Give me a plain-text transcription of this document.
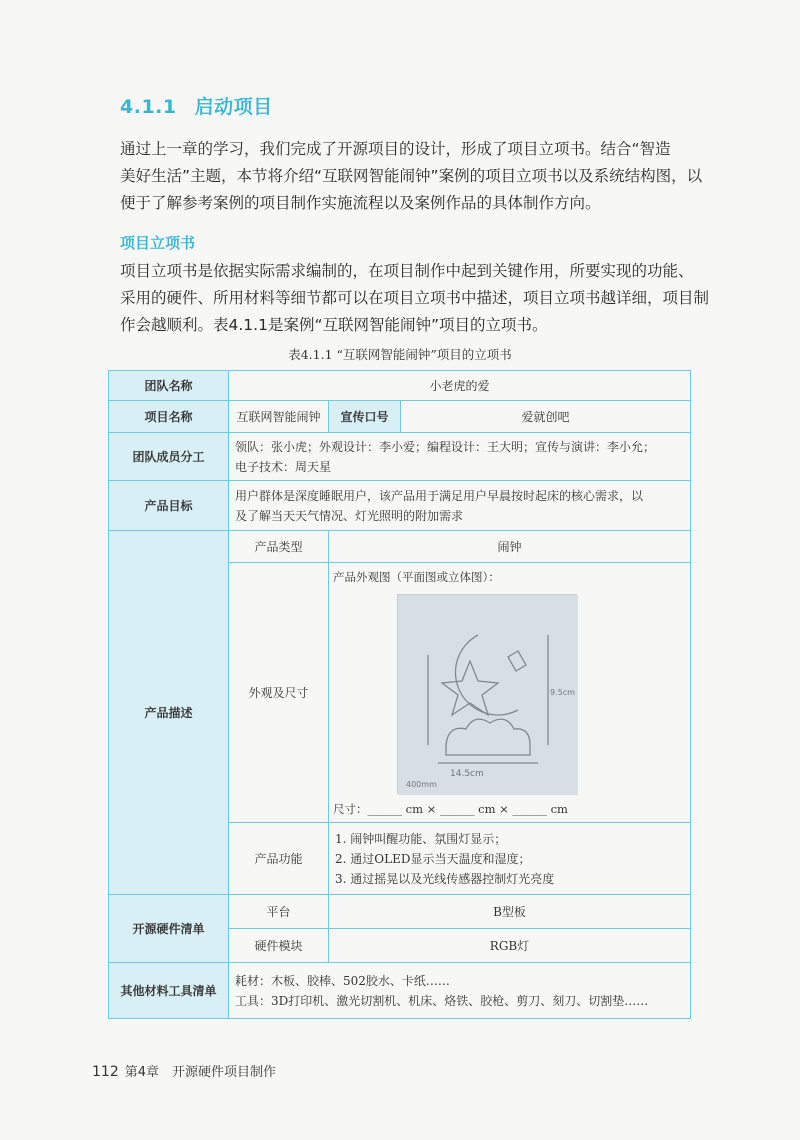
4.1.1 启动项目
通过上一章的学习，我们完成了开源项目的设计，形成了项目立项书。结合“智造
美好生活”主题，本节将介绍“互联网智能闹钟”案例的项目立项书以及系统结构图，以
便于了解参考案例的项目制作实施流程以及案例作品的具体制作方向。
项目立项书
项目立项书是依据实际需求编制的，在项目制作中起到关键作用，所要实现的功能、
采用的硬件、所用材料等细节都可以在项目立项书中描述，项目立项书越详细，项目制
作会越顺利。表4.1.1是案例“互联网智能闹钟”项目的立项书。
表4.1.1 “互联网智能闹钟”项目的立项书
团队名称	小老虎的爱		
项目名称	互联网智能闹钟	宣传口号	爱就创吧
团队成员分工	领队：张小虎；外观设计：李小爱；编程设计：王大明；宣传与演讲：李小允；
电子技术：周天星		

产品目标	用户群体是深度睡眠用户，该产品用于满足用户早晨按时起床的核心需求，以
及了解当天天气情况、灯光照明的附加需求		

产品描述	产品类型	闹钟	
	外观及尺寸	产品外观图（平面图或立体图）：
14.5cm
400mm
9.5cm
尺寸：______ cm × ______ cm × ______ cm	

	产品功能	1. 闹钟叫醒功能、氛围灯显示；
2. 通过OLED显示当天温度和湿度；
3. 通过摇晃以及光线传感器控制灯光亮度	

开源硬件清单	平台	B型板	
	硬件模块	RGB灯	
其他材料工具清单	耗材：木板、胶棒、502胶水、卡纸……
工具：3D打印机、激光切割机、机床、烙铁、胶枪、剪刀、刻刀、切割垫……		
112 第4章　开源硬件项目制作
